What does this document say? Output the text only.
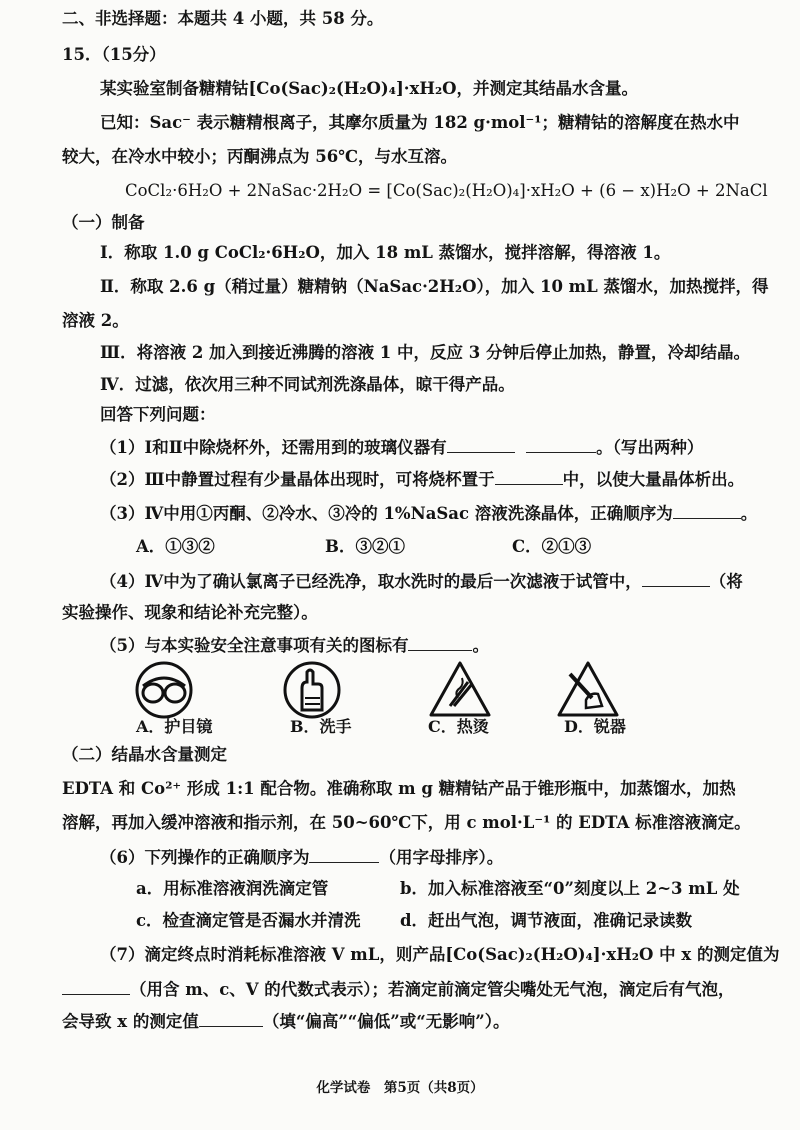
二、非选择题：本题共 4 小题，共 58 分。
15．（15分）
某实验室制备糖精钴[Co(Sac)₂(H₂O)₄]·xH₂O，并测定其结晶水含量。
已知：Sac⁻ 表示糖精根离子，其摩尔质量为 182 g·mol⁻¹；糖精钴的溶解度在热水中
较大，在冷水中较小；丙酮沸点为 56℃，与水互溶。
CoCl₂·6H₂O + 2NaSac·2H₂O = [Co(Sac)₂(H₂O)₄]·xH₂O + (6 − x)H₂O + 2NaCl
（一）制备
Ⅰ．称取 1.0 g CoCl₂·6H₂O，加入 18 mL 蒸馏水，搅拌溶解，得溶液 1。
Ⅱ．称取 2.6 g（稍过量）糖精钠（NaSac·2H₂O），加入 10 mL 蒸馏水，加热搅拌，得
溶液 2。
Ⅲ．将溶液 2 加入到接近沸腾的溶液 1 中，反应 3 分钟后停止加热，静置，冷却结晶。
Ⅳ．过滤，依次用三种不同试剂洗涤晶体，晾干得产品。
回答下列问题：
（1）Ⅰ和Ⅱ中除烧杯外，还需用到的玻璃仪器有	。（写出两种）
（2）Ⅲ中静置过程有少量晶体出现时，可将烧杯置于	中，以使大量晶体析出。
（3）Ⅳ中用①丙酮、②冷水、③冷的 1%NaSac 溶液洗涤晶体，正确顺序为	。
A．①③②	B．③②①	C．②①③
（4）Ⅳ中为了确认氯离子已经洗净，取水洗时的最后一次滤液于试管中，	（将
实验操作、现象和结论补充完整）。
（5）与本实验安全注意事项有关的图标有	。
A．护目镜	B．洗手	C．热烫	D．锐器
（二）结晶水含量测定
EDTA 和 Co²⁺ 形成 1:1 配合物。准确称取 m g 糖精钴产品于锥形瓶中，加蒸馏水，加热
溶解，再加入缓冲溶液和指示剂，在 50~60℃下，用 c mol·L⁻¹ 的 EDTA 标准溶液滴定。
（6）下列操作的正确顺序为	（用字母排序）。
a．用标准溶液润洗滴定管	b．加入标准溶液至“0”刻度以上 2~3 mL 处
c．检查滴定管是否漏水并清洗 d．赶出气泡，调节液面，准确记录读数
（7）滴定终点时消耗标准溶液 V mL，则产品[Co(Sac)₂(H₂O)₄]·xH₂O 中 x 的测定值为
（用含 m、c、V 的代数式表示）；若滴定前滴定管尖嘴处无气泡，滴定后有气泡，
会导致 x 的测定值	（填“偏高”“偏低”或“无影响”）。
化学试卷　第5页（共8页）
